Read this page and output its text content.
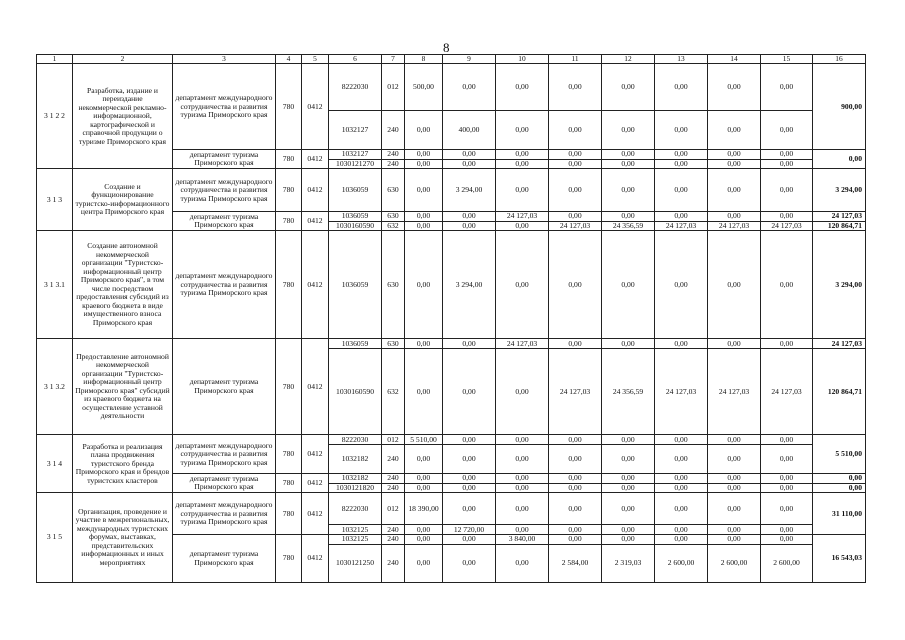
8
1	2	3	4	5	6	7	8	9	10	11	12	13	14	15	16
3 1 2 2	Разработка, издание и переиздание некоммерческой рекламно-информационной, картографической и справочной продукции о туризме Приморского края	департамент международного сотрудничества и развития туризма Приморского края	780	0412	8222030	012	500,00	0,00	0,00	0,00	0,00	0,00	0,00	0,00	900,00
					1032127	240	0,00	400,00	0,00	0,00	0,00	0,00	0,00	0,00	
		департамент туризма Приморского края	780	0412	1032127	240	0,00	0,00	0,00	0,00	0,00	0,00	0,00	0,00	0,00
					1030121270	240	0,00	0,00	0,00	0,00	0,00	0,00	0,00	0,00	
3 1 3	Создание и функционирование туристско-информационного центра Приморского края	департамент международного сотрудничества и развития туризма Приморского края	780	0412	1036059	630	0,00	3 294,00	0,00	0,00	0,00	0,00	0,00	0,00	3 294,00
		департамент туризма Приморского края	780	0412	1036059	630	0,00	0,00	24 127,03	0,00	0,00	0,00	0,00	0,00	24 127,03
					1030160590	632	0,00	0,00	0,00	24 127,03	24 356,59	24 127,03	24 127,03	24 127,03	120 864,71
3 1 3.1	Создание автономной некоммерческой организации "Туристско-информационный центр Приморского края", в том числе посредством предоставления субсидий из краевого бюджета в виде имущественного взноса Приморского края	департамент международного сотрудничества и развития туризма Приморского края	780	0412	1036059	630	0,00	3 294,00	0,00	0,00	0,00	0,00	0,00	0,00	3 294,00
3 1 3.2	Предоставление автономной некоммерческой организации "Туристско-информационный центр Приморского края" субсидий из краевого бюджета на осуществление уставной деятельности	департамент туризма Приморского края	780	0412	1036059	630	0,00	0,00	24 127,03	0,00	0,00	0,00	0,00	0,00	24 127,03
					1030160590	632	0,00	0,00	0,00	24 127,03	24 356,59	24 127,03	24 127,03	24 127,03	120 864,71
3 1 4	Разработка и реализация плана продвижения туристского бренда Приморского края и брендов туристских кластеров	департамент международного сотрудничества и развития туризма Приморского края	780	0412	8222030	012	5 510,00	0,00	0,00	0,00	0,00	0,00	0,00	0,00	5 510,00
					1032182	240	0,00	0,00	0,00	0,00	0,00	0,00	0,00	0,00	
		департамент туризма Приморского края	780	0412	1032182	240	0,00	0,00	0,00	0,00	0,00	0,00	0,00	0,00	0,00
					1030121820	240	0,00	0,00	0,00	0,00	0,00	0,00	0,00	0,00	0,00
3 1 5	Организация, проведение и участие в межрегиональных, международных туристских форумах, выставках, представительских информационных и иных мероприятиях	департамент международного сотрудничества и развития туризма Приморского края	780	0412	8222030	012	18 390,00	0,00	0,00	0,00	0,00	0,00	0,00	0,00	31 110,00
					1032125	240	0,00	12 720,00	0,00	0,00	0,00	0,00	0,00	0,00	
		департамент туризма Приморского края	780	0412	1032125	240	0,00	0,00	3 840,00	0,00	0,00	0,00	0,00	0,00	16 543,03
					1030121250	240	0,00	0,00	0,00	2 584,00	2 319,03	2 600,00	2 600,00	2 600,00	
